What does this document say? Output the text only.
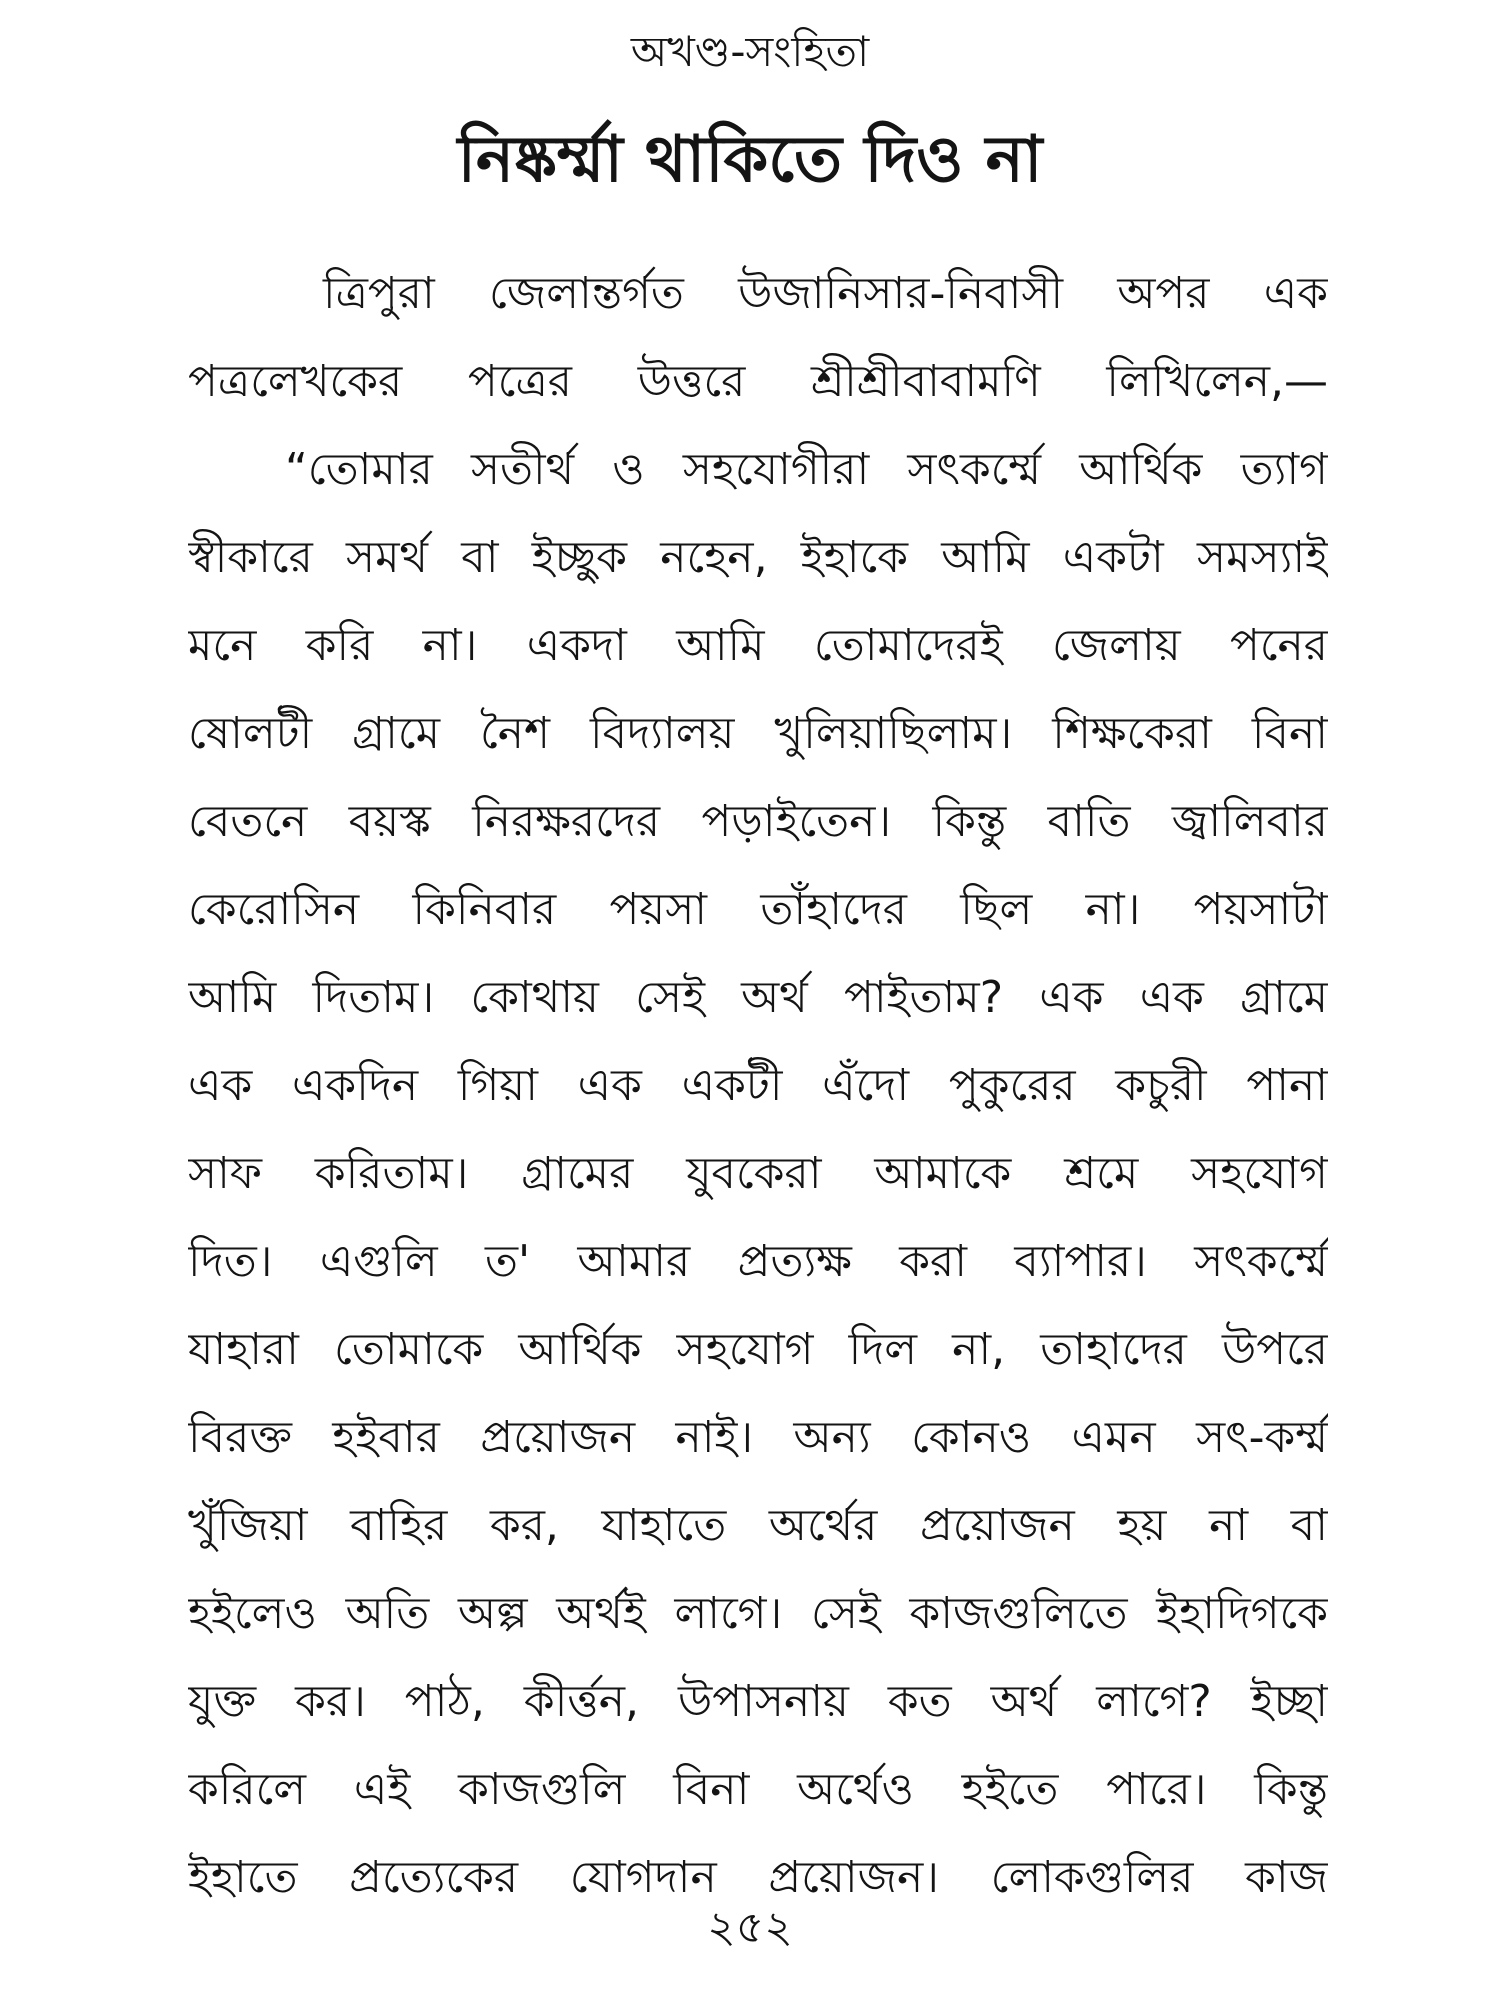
অখণ্ড-সংহিতা
নিষ্কর্ম্মা থাকিতে দিও না
ত্রিপুরা জেলান্তর্গত উজানিসার-নিবাসী অপর এক
পত্রলেখকের পত্রের উত্তরে শ্রীশ্রীবাবামণি লিখিলেন,—
“তোমার সতীর্থ ও সহযোগীরা সৎকর্ম্মে আর্থিক ত্যাগ
স্বীকারে সমর্থ বা ইচ্ছুক নহেন, ইহাকে আমি একটা সমস্যাই
মনে করি না। একদা আমি তোমাদেরই জেলায় পনের
ষোলটী গ্রামে নৈশ বিদ্যালয় খুলিয়াছিলাম। শিক্ষকেরা বিনা
বেতনে বয়স্ক নিরক্ষরদের পড়াইতেন। কিন্তু বাতি জ্বালিবার
কেরোসিন কিনিবার পয়সা তাঁহাদের ছিল না। পয়সাটা
আমি দিতাম। কোথায় সেই অর্থ পাইতাম? এক এক গ্রামে
এক একদিন গিয়া এক একটী এঁদো পুকুরের কচুরী পানা
সাফ করিতাম। গ্রামের যুবকেরা আমাকে শ্রমে সহযোগ
দিত। এগুলি ত' আমার প্রত্যক্ষ করা ব্যাপার। সৎকর্ম্মে
যাহারা তোমাকে আর্থিক সহযোগ দিল না, তাহাদের উপরে
বিরক্ত হইবার প্রয়োজন নাই। অন্য কোনও এমন সৎ-কর্ম্ম
খুঁজিয়া বাহির কর, যাহাতে অর্থের প্রয়োজন হয় না বা
হইলেও অতি অল্প অর্থই লাগে। সেই কাজগুলিতে ইহাদিগকে
যুক্ত কর। পাঠ, কীর্ত্তন, উপাসনায় কত অর্থ লাগে? ইচ্ছা
করিলে এই কাজগুলি বিনা অর্থেও হইতে পারে। কিন্তু
ইহাতে প্রত্যেকের যোগদান প্রয়োজন। লোকগুলির কাজ
২৫২
